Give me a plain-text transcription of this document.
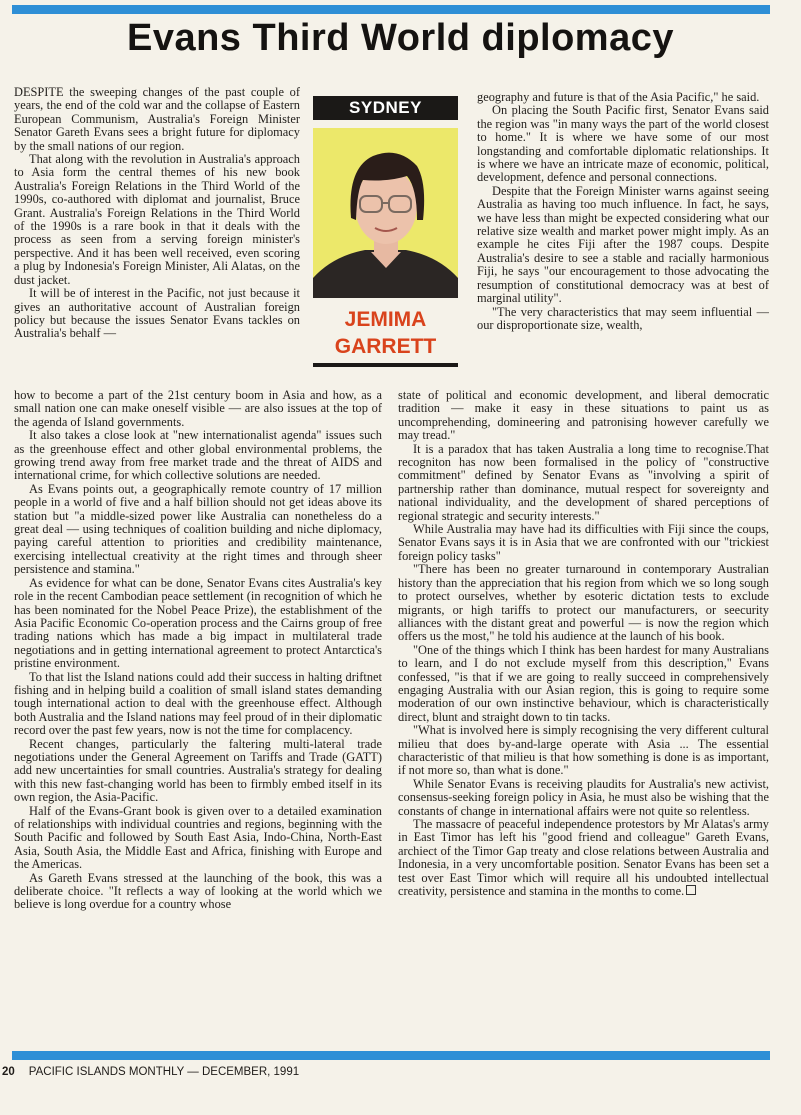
Evans Third World diplomacy

DESPITE the sweeping changes of the past couple of years, the end of the cold war and the collapse of Eastern European Communism, Australia's Foreign Minister Senator Gareth Evans sees a bright future for diplomacy by the small nations of our region.

That along with the revolution in Australia's approach to Asia form the central themes of his new book Australia's Foreign Relations in the Third World of the 1990s, co-authored with diplomat and journalist, Bruce Grant. Australia's Foreign Relations in the Third World of the 1990s is a rare book in that it deals with the process as seen from a serving foreign minister's perspective. And it has been well received, even scoring a plug by Indonesia's Foreign Minister, Ali Alatas, on the dust jacket.

It will be of interest in the Pacific, not just because it gives an authoritative account of Australian foreign policy but because the issues Senator Evans tackles on Australia's behalf —

SYDNEY
JEMIMA
GARRETT

geography and future is that of the Asia Pacific," he said.

On placing the South Pacific first, Senator Evans said the region was "in many ways the part of the world closest to home." It is where we have some of our most longstanding and comfortable diplomatic relationships. It is where we have an intricate maze of economic, political, development, defence and personal connections.

Despite that the Foreign Minister warns against seeing Australia as having too much influence. In fact, he says, we have less than might be expected considering what our relative size wealth and market power might imply. As an example he cites Fiji after the 1987 coups. Despite Australia's desire to see a stable and racially harmonious Fiji, he says "our encouragement to those advocating the resumption of constitutional democracy was at best of marginal utility".

"The very characteristics that may seem influential — our disproportionate size, wealth,

how to become a part of the 21st century boom in Asia and how, as a small nation one can make oneself visible — are also issues at the top of the agenda of Island governments.

It also takes a close look at "new internationalist agenda" issues such as the greenhouse effect and other global environmental problems, the growing trend away from free market trade and the threat of AIDS and international crime, for which collective solutions are needed.

As Evans points out, a geographically remote country of 17 million people in a world of five and a half billion should not get ideas above its station but "a middle-sized power like Australia can nonetheless do a great deal — using techniques of coalition building and niche diplomacy, paying careful attention to priorities and credibility maintenance, exercising intellectual creativity at the right times and through sheer persistence and stamina."

As evidence for what can be done, Senator Evans cites Australia's key role in the recent Cambodian peace settlement (in recognition of which he has been nominated for the Nobel Peace Prize), the establishment of the Asia Pacific Economic Co-operation process and the Cairns group of free trading nations which has made a big impact in multilateral trade negotiations and in getting international agreement to protect Antarctica's pristine environment.

To that list the Island nations could add their success in halting driftnet fishing and in helping build a coalition of small island states demanding tough international action to deal with the greenhouse effect. Although both Australia and the Island nations may feel proud of in their diplomatic record over the past few years, now is not the time for complacency.

Recent changes, particularly the faltering multi-lateral trade negotiations under the General Agreement on Tariffs and Trade (GATT) add new uncertainties for small countries. Australia's strategy for dealing with this new fast-changing world has been to firmbly embed itself in its own region, the Asia-Pacific.

Half of the Evans-Grant book is given over to a detailed examination of relationships with individual countries and regions, beginning with the South Pacific and followed by South East Asia, Indo-China, North-East Asia, South Asia, the Middle East and Africa, finishing with Europe and the Americas.

As Gareth Evans stressed at the launching of the book, this was a deliberate choice. "It reflects a way of looking at the world which we believe is long overdue for a country whose

state of political and economic development, and liberal democratic tradition — make it easy in these situations to paint us as uncomprehending, domineering and patronising however carefully we may tread."

It is a paradox that has taken Australia a long time to recognise.That recogniton has now been formalised in the policy of "constructive commitment" defined by Senator Evans as "involving a spirit of partnership rather than dominance, mutual respect for sovereignty and national individuality, and the development of shared perceptions of regional strategic and security interests."

While Australia may have had its difficulties with Fiji since the coups, Senator Evans says it is in Asia that we are confronted with our "trickiest foreign policy tasks"

"There has been no greater turnaround in contemporary Australian history than the appreciation that his region from which we so long sough to protect ourselves, whether by esoteric dictation tests to exclude migrants, or high tariffs to protect our manufacturers, or seecurity alliances with the distant great and powerful — is now the region which offers us the most," he told his audience at the launch of his book.

"One of the things which I think has been hardest for many Australians to learn, and I do not exclude myself from this description," Evans confessed, "is that if we are going to really succeed in comprehensively engaging Australia with our Asian region, this is going to require some moderation of our own instinctive behaviour, which is characteristically direct, blunt and straight down to tin tacks.

"What is involved here is simply recognising the very different cultural milieu that does by-and-large operate with Asia ... The essential characteristic of that milieu is that how something is done is as important, if not more so, than what is done."

While Senator Evans is receiving plaudits for Australia's new activist, consensus-seeking foreign policy in Asia, he must also be wishing that the constants of change in international affairs were not quite so relentless.

The massacre of peaceful independence protestors by Mr Alatas's army in East Timor has left his "good friend and colleague" Gareth Evans, archiect of the Timor Gap treaty and close relations between Australia and Indonesia, in a very uncomfortable position. Senator Evans has been set a test over East Timor which will require all his undoubted intellectual creativity, persistence and stamina in the months to come.

20 PACIFIC ISLANDS MONTHLY — DECEMBER, 1991
